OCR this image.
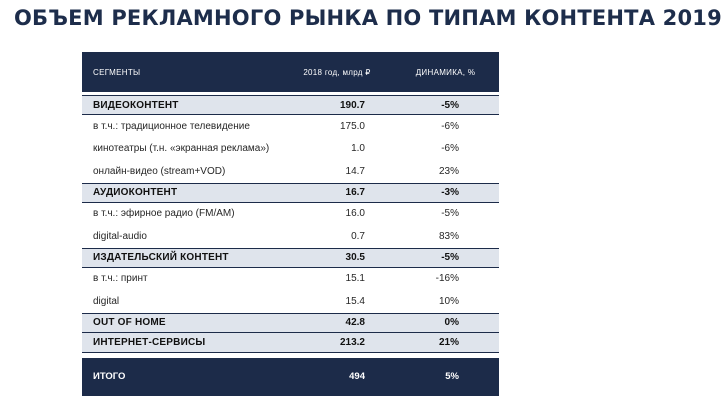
ОБЪЕМ РЕКЛАМНОГО РЫНКА ПО ТИПАМ КОНТЕНТА 2019
СЕГМЕНТЫ	2018 год, млрд ₽	ДИНАМИКА, %
ВИДЕОКОНТЕНТ	190.7	-5%
в т.ч.: традиционное телевидение	175.0	-6%
кинотеатры (т.н. «экранная реклама»)	1.0	-6%
онлайн-видео (stream+VOD)	14.7	23%
АУДИОКОНТЕНТ	16.7	-3%
в т.ч.: эфирное радио (FM/AM)	16.0	-5%
digital-audio	0.7	83%
ИЗДАТЕЛЬСКИЙ КОНТЕНТ	30.5	-5%
в т.ч.: принт	15.1	-16%
digital	15.4	10%
OUT OF HOME	42.8	0%
ИНТЕРНЕТ-СЕРВИСЫ	213.2	21%
ИТОГО	494	5%
